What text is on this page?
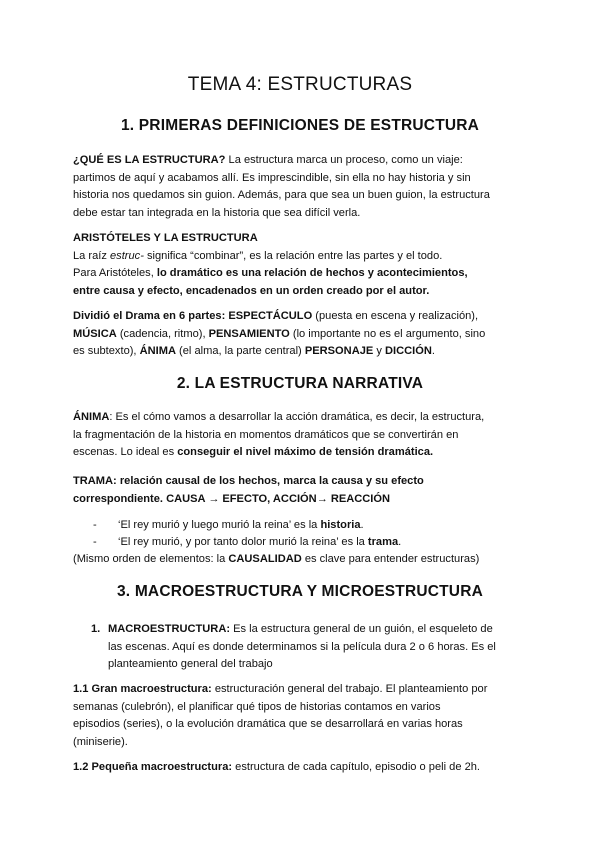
TEMA 4: ESTRUCTURAS
1. PRIMERAS DEFINICIONES DE ESTRUCTURA
¿QUÉ ES LA ESTRUCTURA? La estructura marca un proceso, como un viaje:
partimos de aquí y acabamos allí. Es imprescindible, sin ella no hay historia y sin
historia nos quedamos sin guion. Además, para que sea un buen guion, la estructura
debe estar tan integrada en la historia que sea difícil verla.
ARISTÓTELES Y LA ESTRUCTURA
La raíz estruc- significa “combinar”, es la relación entre las partes y el todo.
Para Aristóteles, lo dramático es una relación de hechos y acontecimientos,
entre causa y efecto, encadenados en un orden creado por el autor.
Dividió el Drama en 6 partes: ESPECTÁCULO (puesta en escena y realización),
MÚSICA (cadencia, ritmo), PENSAMIENTO (lo importante no es el argumento, sino
es subtexto), ÁNIMA (el alma, la parte central) PERSONAJE y DICCIÓN.
2. LA ESTRUCTURA NARRATIVA
ÁNIMA: Es el cómo vamos a desarrollar la acción dramática, es decir, la estructura,
la fragmentación de la historia en momentos dramáticos que se convertirán en
escenas. Lo ideal es conseguir el nivel máximo de tensión dramática.
TRAMA: relación causal de los hechos, marca la causa y su efecto
correspondiente. CAUSA → EFECTO, ACCIÓN→ REACCIÓN
- ‘El rey murió y luego murió la reina’ es la historia.
- ‘El rey murió, y por tanto dolor murió la reina’ es la trama.
(Mismo orden de elementos: la CAUSALIDAD es clave para entender estructuras)
3. MACROESTRUCTURA Y MICROESTRUCTURA
1. MACROESTRUCTURA: Es la estructura general de un guión, el esqueleto de
las escenas. Aquí es donde determinamos si la película dura 2 o 6 horas. Es el
planteamiento general del trabajo
1.1 Gran macroestructura: estructuración general del trabajo. El planteamiento por
semanas (culebrón), el planificar qué tipos de historias contamos en varios
episodios (series), o la evolución dramática que se desarrollará en varias horas
(miniserie).
1.2 Pequeña macroestructura: estructura de cada capítulo, episodio o peli de 2h.
